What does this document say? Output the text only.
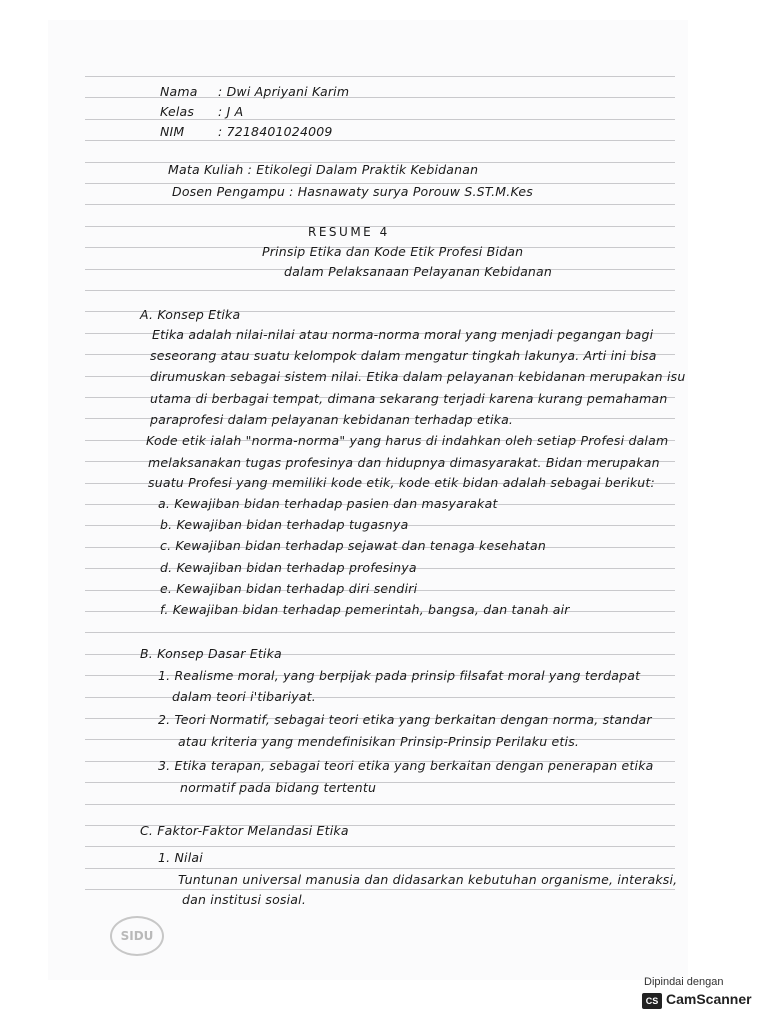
Nama : Dwi Apriyani Karim
Kelas : J A
NIM	: 7218401024009
Mata Kuliah : Etikolegi Dalam Praktik Kebidanan
Dosen Pengampu : Hasnawaty surya Porouw S.ST.M.Kes
RESUME 4
Prinsip Etika dan Kode Etik Profesi Bidan
dalam Pelaksanaan Pelayanan Kebidanan
A. Konsep Etika
Etika adalah nilai-nilai atau norma-norma moral yang menjadi pegangan bagi
seseorang atau suatu kelompok dalam mengatur tingkah lakunya. Arti ini bisa
dirumuskan sebagai sistem nilai. Etika dalam pelayanan kebidanan merupakan isu
utama di berbagai tempat, dimana sekarang terjadi karena kurang pemahaman
paraprofesi dalam pelayanan kebidanan terhadap etika.
Kode etik ialah "norma-norma" yang harus di indahkan oleh setiap Profesi dalam
melaksanakan tugas profesinya dan hidupnya dimasyarakat. Bidan merupakan
suatu Profesi yang memiliki kode etik, kode etik bidan adalah sebagai berikut:
a. Kewajiban bidan terhadap pasien dan masyarakat
b. Kewajiban bidan terhadap tugasnya
c. Kewajiban bidan terhadap sejawat dan tenaga kesehatan
d. Kewajiban bidan terhadap profesinya
e. Kewajiban bidan terhadap diri sendiri
f. Kewajiban bidan terhadap pemerintah, bangsa, dan tanah air
B. Konsep Dasar Etika
1. Realisme moral, yang berpijak pada prinsip filsafat moral yang terdapat
dalam teori i'tibariyat.
2. Teori Normatif, sebagai teori etika yang berkaitan dengan norma, standar
atau kriteria yang mendefinisikan Prinsip-Prinsip Perilaku etis.
3. Etika terapan, sebagai teori etika yang berkaitan dengan penerapan etika
normatif pada bidang tertentu
C. Faktor-Faktor Melandasi Etika
1. Nilai
Tuntunan universal manusia dan didasarkan kebutuhan organisme, interaksi,
dan institusi sosial.
SIDU
Dipindai dengan
CS CamScanner
